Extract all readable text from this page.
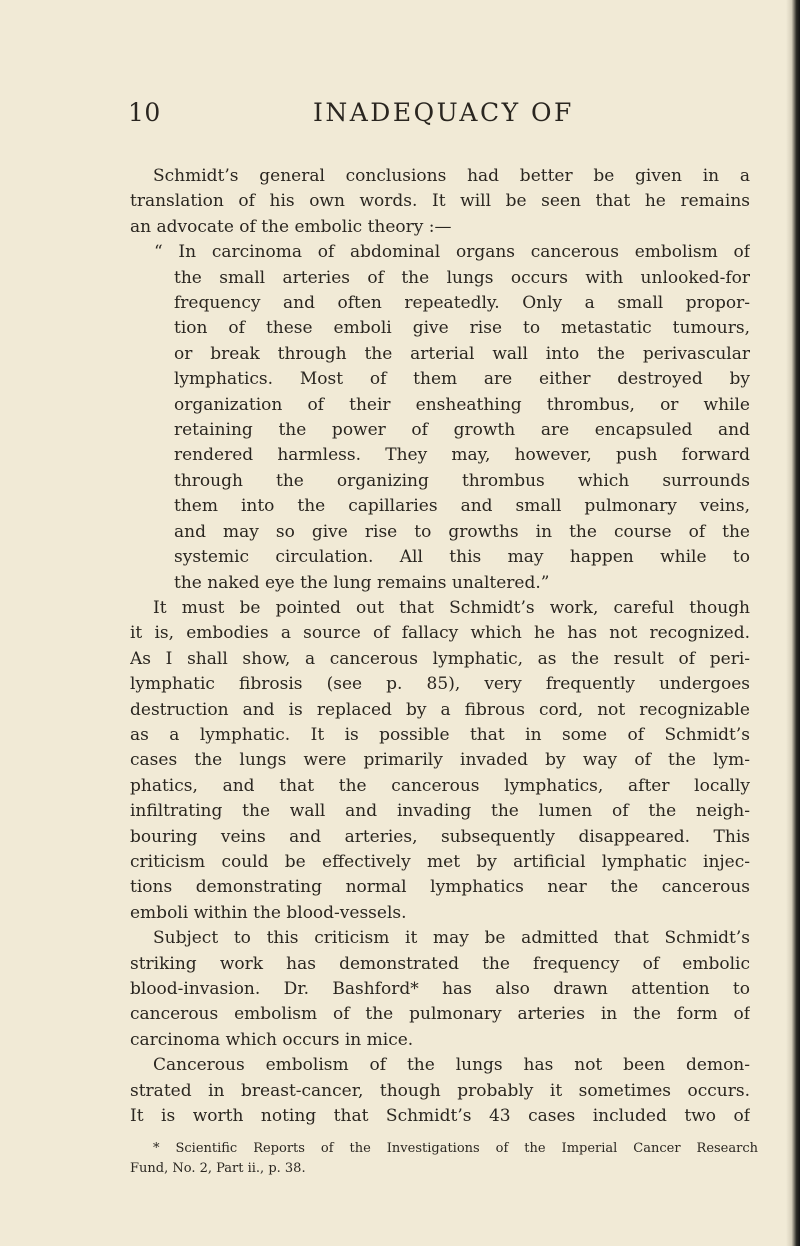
10	INADEQUACY OF
Schmidt’s general conclusions had better be given in a
translation of his own words. It will be seen that he remains
an advocate of the embolic theory :—
“ In carcinoma of abdominal organs cancerous embolism of
the small arteries of the lungs occurs with unlooked-for
frequency and often repeatedly. Only a small propor-
tion of these emboli give rise to metastatic tumours,
or break through the arterial wall into the perivascular
lymphatics. Most of them are either destroyed by
organization of their ensheathing thrombus, or while
retaining the power of growth are encapsuled and
rendered harmless. They may, however, push forward
through the organizing thrombus which surrounds
them into the capillaries and small pulmonary veins,
and may so give rise to growths in the course of the
systemic circulation. All this may happen while to
the naked eye the lung remains unaltered.”
It must be pointed out that Schmidt’s work, careful though
it is, embodies a source of fallacy which he has not recognized.
As I shall show, a cancerous lymphatic, as the result of peri-
lymphatic fibrosis (see p. 85), very frequently undergoes
destruction and is replaced by a fibrous cord, not recognizable
as a lymphatic. It is possible that in some of Schmidt’s
cases the lungs were primarily invaded by way of the lym-
phatics, and that the cancerous lymphatics, after locally
infiltrating the wall and invading the lumen of the neigh-
bouring veins and arteries, subsequently disappeared. This
criticism could be effectively met by artificial lymphatic injec-
tions demonstrating normal lymphatics near the cancerous
emboli within the blood-vessels.
Subject to this criticism it may be admitted that Schmidt’s
striking work has demonstrated the frequency of embolic
blood-invasion. Dr. Bashford* has also drawn attention to
cancerous embolism of the pulmonary arteries in the form of
carcinoma which occurs in mice.
Cancerous embolism of the lungs has not been demon-
strated in breast-cancer, though probably it sometimes occurs.
It is worth noting that Schmidt’s 43 cases included two of
* Scientific Reports of the Investigations of the Imperial Cancer Research
Fund, No. 2, Part ii., p. 38.
